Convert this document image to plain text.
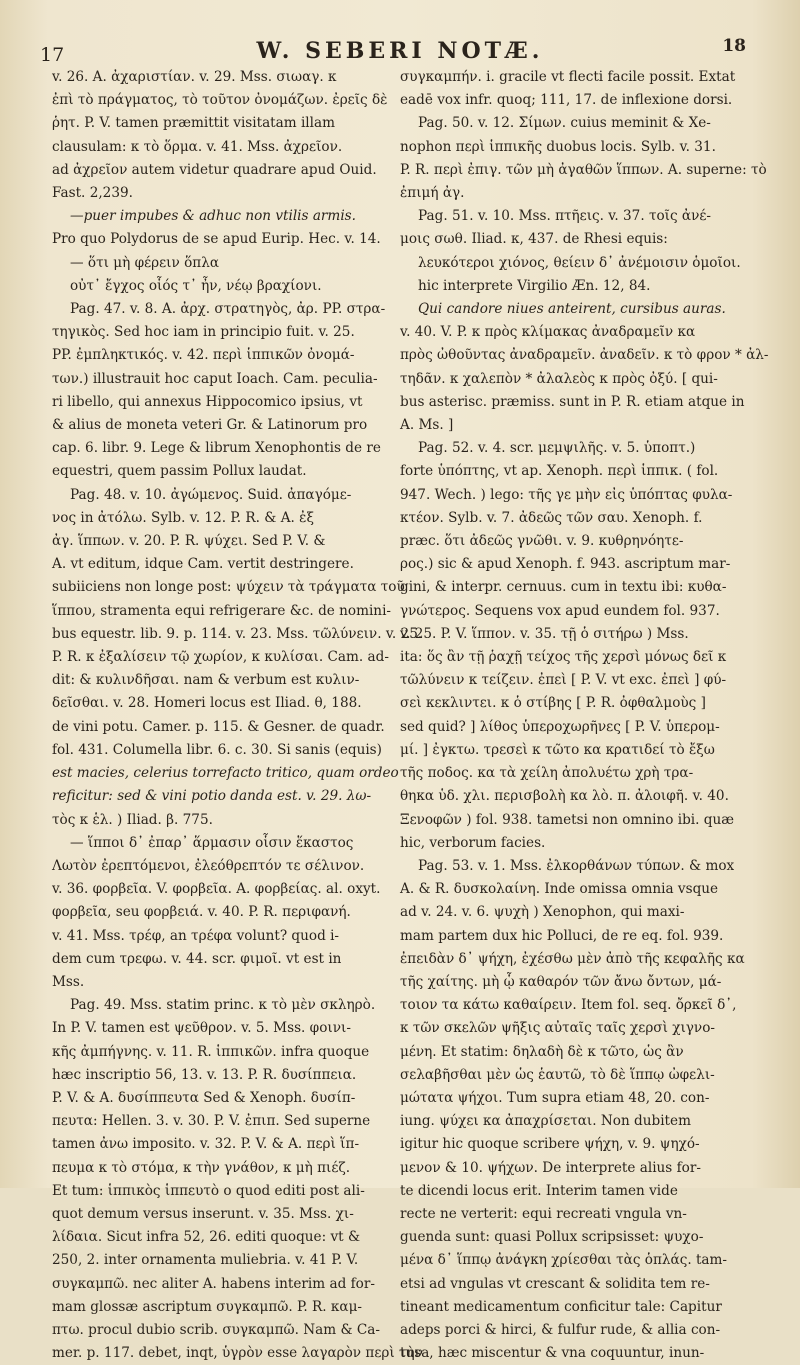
17	W. SEBERI NOTÆ.	18
v. 26. A. ἀχαριστίαν. v. 29. Mss. σιωαγ. κ
ἐπὶ τὸ πράγματος, τὸ τοῦτον ὀνομάζων. ἐρεῖς δὲ
ῥητ. P. V. tamen præmittit visitatam illam
clausulam: κ τὸ ὅρμα. v. 41. Mss. ἀχρεῖον.
ad ἀχρεῖον autem videtur quadrare apud Ouid.
Fast. 2,239.
—puer impubes & adhuc non vtilis armis.
Pro quo Polydorus de se apud Eurip. Hec. v. 14.
— ὅτι μὴ φέρειν ὅπλα
οὐτ᾽ ἔγχος οἷός τ᾽ ἦν, νέῳ βραχίονι.
Pag. 47. v. 8. A. ἀρχ. στρατηγὸς, ἀρ. PP. στρα-
τηγικὸς. Sed hoc iam in principio fuit. v. 25.
PP. ἐμπληκτικός. v. 42. περὶ ἱππικῶν ὀνομά-
των.) illustrauit hoc caput Ioach. Cam. peculia-
ri libello, qui annexus Hippocomico ipsius, vt
& alius de moneta veteri Gr. & Latinorum pro
cap. 6. libr. 9. Lege & librum Xenophontis de re
equestri, quem passim Pollux laudat.
Pag. 48. v. 10. ἀγώμενος. Suid. ἀπαγόμε-
νος in ἀτόλω. Sylb. v. 12. P. R. & A. ἐξ
ἀγ. ἵππων. v. 20. P. R. ψύχει. Sed P. V. &
A. vt editum, idque Cam. vertit destringere.
subiiciens non longe post: ψύχειν τὰ τράγματα τοῦ
ἵππου, stramenta equi refrigerare &c. de nomini-
bus equestr. lib. 9. p. 114. v. 23. Mss. τῶλύνειν. v. 25.
P. R. κ ἐξαλίσειν τῷ χωρίον, κ κυλίσαι. Cam. ad-
dit: & κυλινδῆσαι. nam & verbum est κυλιν-
δεῖσθαι. v. 28. Homeri locus est Iliad. θ, 188.
de vini potu. Camer. p. 115. & Gesner. de quadr.
fol. 431. Columella libr. 6. c. 30. Si sanis (equis)
est macies, celerius torrefacto tritico, quam ordeo
reficitur: sed & vini potio danda est. v. 29. λω-
τὸς κ ἑλ. ) Iliad. β. 775.
— ἵπποι δ᾽ ἐπαρ᾽ ἅρμασιν οἷσιν ἕκαστος
Λωτὸν ἐρεπτόμενοι, ἐλεόθρεπτόν τε σέλινον.
v. 36. φορβεῖα. V. φορβεῖα. A. φορβείας. al. oxyt.
φορβεῖα, seu φορβειά. v. 40. P. R. περιφανή.
v. 41. Mss. τρέφ, an τρέφα volunt? quod i-
dem cum τρεφω. v. 44. scr. φιμοῖ. vt est in
Mss.
Pag. 49. Mss. statim princ. κ τὸ μὲν σκληρὸ.
In P. V. tamen est ψεῦθρον. v. 5. Mss. φοινι-
κῆς ἀμπήγνης. v. 11. R. ἱππικῶν. infra quoque
hæc inscriptio 56, 13. v. 13. P. R. δυσίππεια.
P. V. & A. δυσίππευτα Sed & Xenoph. δυσίπ-
πευτα: Hellen. 3. v. 30. P. V. ἐπιπ. Sed superne
tamen ἀνω imposito. v. 32. P. V. & A. περὶ ἵπ-
πευμα κ τὸ στόμα, κ τὴν γνάθον, κ μὴ πιέζ.
Et tum: ἱππικὸς ἱππευτὸ ο quod editi post ali-
quot demum versus inserunt. v. 35. Mss. χι-
λίδαια. Sicut infra 52, 26. editi quoque: vt &
250, 2. inter ornamenta muliebria. v. 41 P. V.
συγκαμπῶ. nec aliter A. habens interim ad for-
mam glossæ ascriptum συγκαμπῶ. P. R. καμ-
πτω. procul dubio scrib. συγκαμπῶ. Nam & Ca-
mer. p. 117. debet, inqt, ὑγρὸν esse λαγαρὸν περὶ τὴν
συγκαμπήν. i. gracile vt flecti facile possit. Extat
eadē vox infr. quoq; 111, 17. de inflexione dorsi.
Pag. 50. v. 12. Σίμων. cuius meminit & Xe-
nophon περὶ ἱππικῆς duobus locis. Sylb. v. 31.
P. R. περὶ ἐπιγ. τῶν μὴ ἀγαθῶν ἵππων. A. superne: τὸ
ἐπιμή ἀγ.
Pag. 51. v. 10. Mss. πτῆεις. v. 37. τοῖς ἀνέ-
μοις σωθ. Iliad. κ, 437. de Rhesi equis:
λευκότεροι χιόνος, θείειν δ᾽ ἀνέμοισιν ὁμοῖοι.
hic interprete Virgilio Æn. 12, 84.
Qui candore niues anteirent, cursibus auras.
v. 40. V. P. κ πρὸς κλίμακας ἀναδραμεῖν κα
πρὸς ὠθοῦντας ἀναδραμεῖν. ἀναδεῖν. κ τὸ φρον * ἀλ-
τηδᾶν. κ χαλεπὸν * ἀλαλεὸς κ πρὸς ὀξύ. [ qui-
bus asterisc. præmiss. sunt in P. R. etiam atque in
A. Ms. ]
Pag. 52. v. 4. scr. μεμψιλῆς. v. 5. ὑποπτ.)
forte ὑπόπτης, vt ap. Xenoph. περὶ ἱππικ. ( fol.
947. Wech. ) lego: τῆς γε μὴν εἰς ὑπόπτας φυλα-
κτέον. Sylb. v. 7. ἀδεῶς τῶν σαυ. Xenoph. f.
præc. ὅτι ἀδεῶς γνῶθι. v. 9. κυθρηνόητε-
ρος.) sic & apud Xenoph. f. 943. ascriptum mar-
gini, & interpr. cernuus. cum in textu ibi: κυθα-
γνώτερος. Sequens vox apud eundem fol. 937.
v. 25. P. V. ἵππον. v. 35. τῇ ὁ σιτήρω ) Mss.
ita: ὅς ἂν τῇ ῥαχῇ τείχος τῆς χερσὶ μόνως δεῖ κ
τῶλύνειν κ τείζειν. ἐπεὶ [ P. V. vt exc. ἐπεὶ ] φύ-
σεὶ κεκλιντει. κ ὁ στίβης [ P. R. ὀφθαλμοὺς ]
sed quid? ] λίθος ὑπεροχωρῆνες [ P. V. ὑπερομ-
μί. ] ἐγκτω. τρεσεὶ κ τῶτο κα κρατιδεί τὸ ἔξω
τῆς ποδος. κα τὰ χείλη ἀπολυέτω χρὴ τρα-
θηκα ὑδ. χλι. περισβολὴ κα λὸ. π. ἀλοιφῆ. v. 40.
Ξενοφῶν ) fol. 938. tametsi non omnino ibi. quæ
hic, verborum facies.
Pag. 53. v. 1. Mss. ἐλκορθάνων τύπων. & mox
A. & R. δυσκολαίνη. Inde omissa omnia vsque
ad v. 24. v. 6. ψυχὴ ) Xenophon, qui maxi-
mam partem dux hic Polluci, de re eq. fol. 939.
ἐπειδὰν δ᾽ ψήχη, ἐχέσθω μὲν ἀπὸ τῆς κεφαλῆς κα
τῆς χαίτης. μὴ ᾧ καθαρόν τῶν ἄνω ὄντων, μά-
τοιον τα κάτω καθαίρειν. Item fol. seq. ὄρκεῖ δ᾽,
κ τῶν σκελῶν ψῆξις αὐταῖς ταῖς χερσὶ χιγνο-
μένη. Et statim: δηλαδὴ δὲ κ τῶτο, ὡς ἂν
σελαβῆσθαι μὲν ὡς ἑαυτῶ, τὸ δὲ ἵππῳ ὠφελι-
μώτατα ψήχοι. Tum supra etiam 48, 20. con-
iung. ψύχει κα ἀπαχρίσεται. Non dubitem
igitur hic quoque scribere ψήχη, v. 9. ψηχό-
μενον & 10. ψήχων. De interprete alius for-
te dicendi locus erit. Interim tamen vide
recte ne verterit: equi recreati vngula vn-
guenda sunt: quasi Pollux scripsisset: ψυχο-
μένα δ᾽ ἵππῳ ἀνάγκη χρίεσθαι τὰς ὁπλάς. tam-
etsi ad vngulas vt crescant & solidita tem re-
tineant medicamentum conficitur tale: Capitur
adeps porci & hirci, & fulfur rude, & allia con-
tusa, hæc miscentur & vna coquuntur, inun-
